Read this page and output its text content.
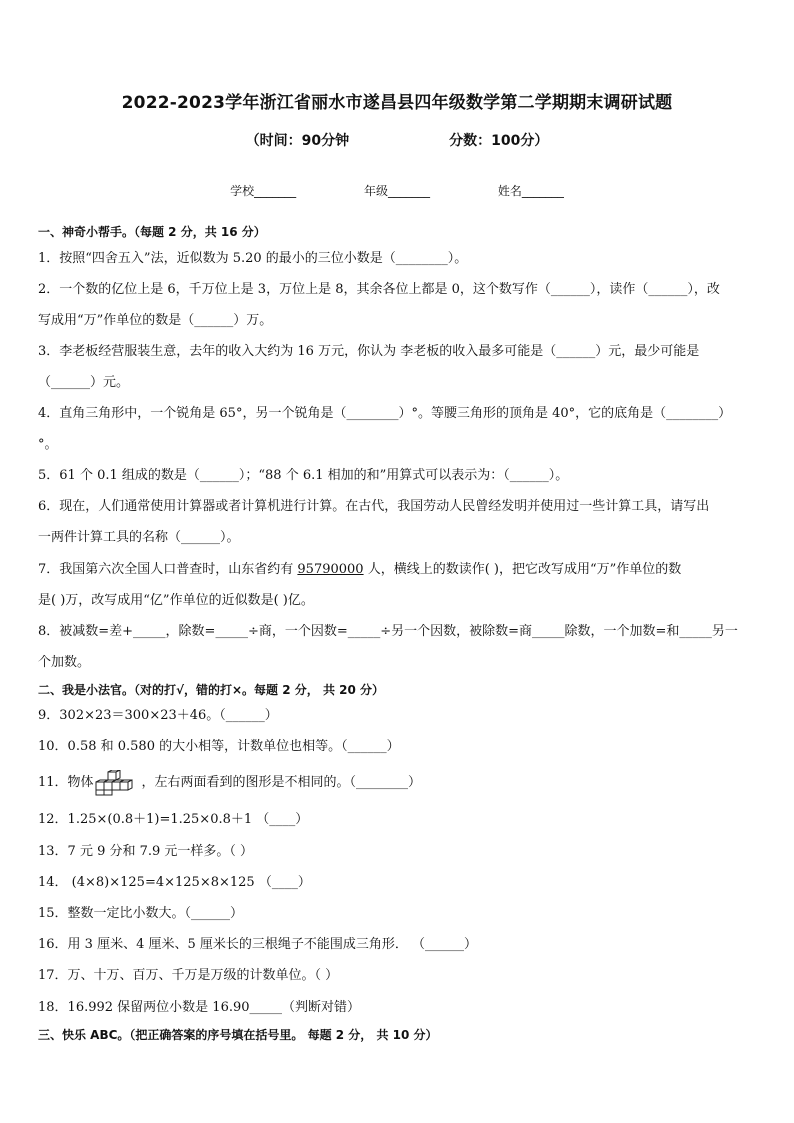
2022-2023学年浙江省丽水市遂昌县四年级数学第二学期期末调研试题
（时间：90分钟	分数：100分）
学校_______	年级_______	姓名_______
一、神奇小帮手。（每题 2 分，共 16 分）
1．按照“四舍五入”法，近似数为 5.20 的最小的三位小数是（________）。
2．一个数的亿位上是 6，千万位上是 3，万位上是 8，其余各位上都是 0，这个数写作（______），读作（______），改
写成用“万”作单位的数是（______）万。
3．李老板经营服装生意，去年的收入大约为 16 万元，你认为 李老板的收入最多可能是（______）元，最少可能是
（______）元。
4．直角三角形中，一个锐角是 65°，另一个锐角是（________）°。等腰三角形的顶角是 40°，它的底角是（________）
°。
5．61 个 0.1 组成的数是（______）；“88 个 6.1 相加的和”用算式可以表示为：（______）。
6．现在，人们通常使用计算器或者计算机进行计算。在古代，我国劳动人民曾经发明并使用过一些计算工具，请写出
一两件计算工具的名称（______）。
7．我国第六次全国人口普查时，山东省约有 95790000 人，横线上的数读作( )，把它改写成用“万”作单位的数
是( )万，改写成用“亿”作单位的近似数是( )亿。
8．被减数=差+_____，除数=_____÷商，一个因数=_____÷另一个因数，被除数=商_____除数，一个加数=和_____另一
个加数。
二、我是小法官。（对的打√，错的打×。每题 2 分， 共 20 分）
9．302×23＝300×23＋46。（______）
10．0.58 和 0.580 的大小相等，计数单位也相等。（______）
11．物体	，左右两面看到的图形是不相同的。（________）
12．1.25×(0.8＋1)=1.25×0.8＋1 （____）
13．7 元 9 分和 7.9 元一样多。（ ）
14． (4×8)×125=4×125×8×125 （____）
15．整数一定比小数大。（______）
16．用 3 厘米、4 厘米、5 厘米长的三根绳子不能围成三角形． （______）
17．万、十万、百万、千万是万级的计数单位。（ ）
18．16.992 保留两位小数是 16.90_____（判断对错）
三、快乐 ABC。（把正确答案的序号填在括号里。 每题 2 分， 共 10 分）
